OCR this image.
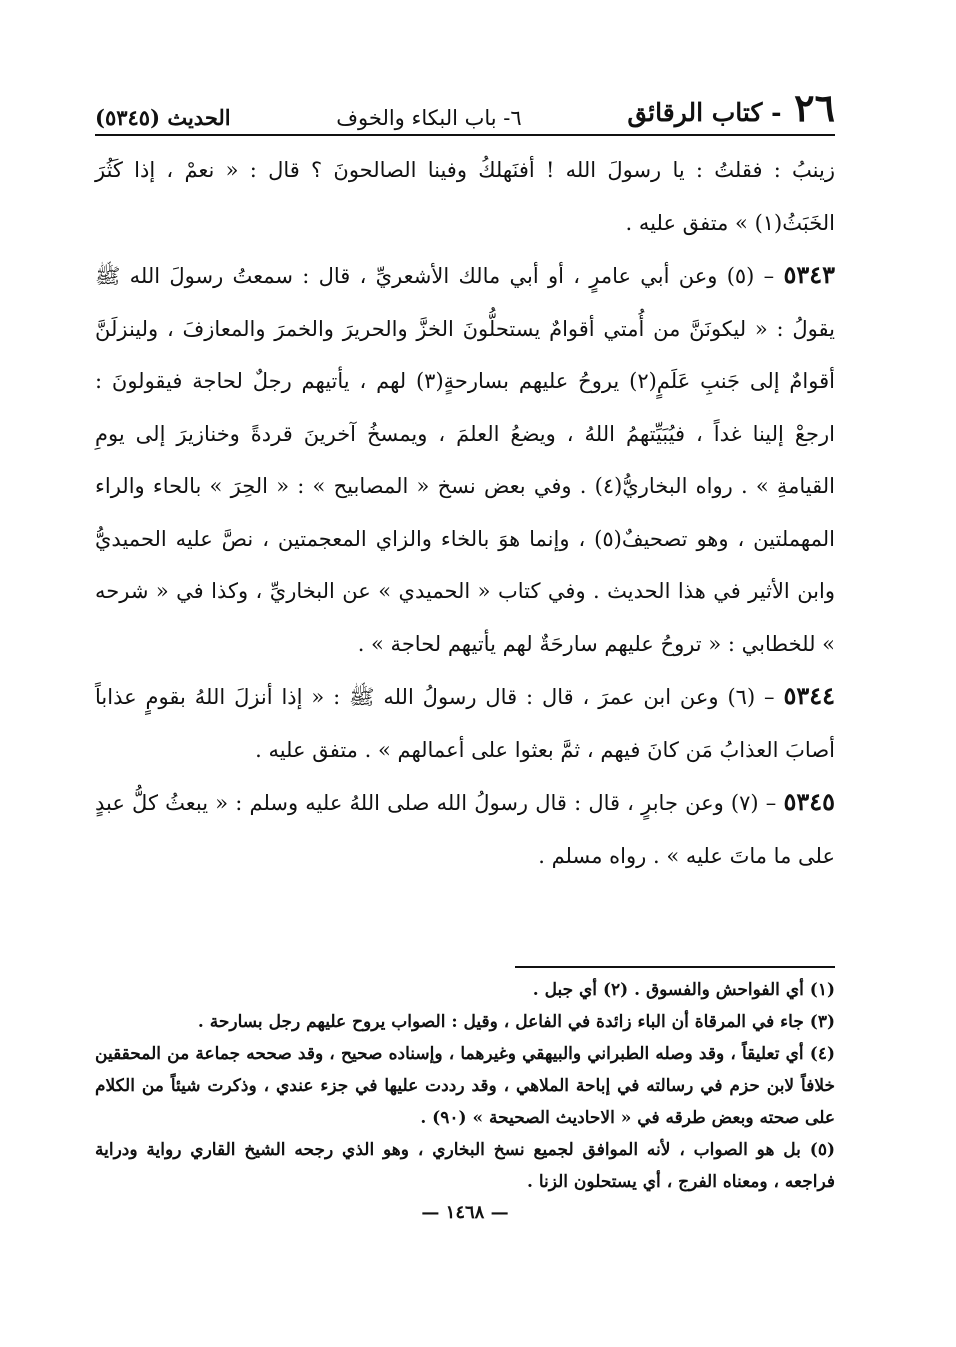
٢٦ - كتاب الرقائق
٦- باب البكاء والخوف
الحديث (٥٣٤٥)

زينبُ : فقلتُ : يا رسولَ الله ! أفنَهلكُ وفينا الصالحونَ ؟ قال : « نعمْ ، إذا كَثُرَ الخَبَثُ(١) » متفق عليه .

٥٣٤٣ – (٥) وعن أبي عامرٍ ، أو أبي مالك الأشعريِّ ، قال : سمعتُ رسولَ الله ﷺ يقولُ : « ليكونَنَّ من أُمتي أقوامٌ يستحلُّونَ الخزَّ والحريرَ والخمرَ والمعازفَ ، ولينزلَنَّ أقوامٌ إلى جَنبِ عَلَمٍ(٢) يروحُ عليهم بسارحةٍ(٣) لهم ، يأتيهم رجلٌ لحاجة فيقولونَ : ارجعْ إلينا غداً ، فيُبَيِّتهمُ اللهُ ، ويضعُ العلمَ ، ويمسخُ آخرينَ قردةً وخنازيرَ إلى يومِ القيامةِ » . رواه البخاريُّ(٤) . وفي بعض نسخ « المصابيح » : « الحِرَ » بالحاء والراء المهملتين ، وهو تصحيفٌ(٥) ، وإنما هوَ بالخاء والزاي المعجمتين ، نصَّ عليه الحميديُّ وابن الأثير في هذا الحديث . وفي كتاب « الحميدي » عن البخاريِّ ، وكذا في « شرحه » للخطابي : « تروحُ عليهم سارحَةٌ لهم يأتيهم لحاجة » .

٥٣٤٤ – (٦) وعن ابن عمرَ ، قال : قال رسولُ الله ﷺ : « إذا أنزلَ اللهُ بقومٍ عذاباً أصابَ العذابُ مَن كانَ فيهم ، ثمَّ بعثوا على أعمالهم » . متفق عليه .

٥٣٤٥ – (٧) وعن جابرٍ ، قال : قال رسولُ الله صلى اللهُ عليه وسلم : « يبعثُ كلُّ عبدٍ على ما ماتَ عليه » . رواه مسلم .

(١) أي الفواحش والفسوق . (٢) أي جبل .

(٣) جاء في المرقاة أن الباء زائدة في الفاعل ، وقيل : الصواب يروح عليهم رجل بسارحة .

(٤) أي تعليقاً ، وقد وصله الطبراني والبيهقي وغيرهما ، وإسناده صحيح ، وقد صححه جماعة من المحققين خلافاً لابن حزم في رسالته في إباحة الملاهي ، وقد رددت عليها في جزء عندي ، وذكرت شيئاً من الكلام على صحته وبعض طرقه في « الاحاديث الصحيحة » (٩٠) .

(٥) بل هو الصواب ، لأنه الموافق لجميع نسخ البخاري ، وهو الذي رجحه الشيخ القاري رواية ودراية فراجعه ، ومعناه الفرج ، أي يستحلون الزنا .

— ١٤٦٨ —
